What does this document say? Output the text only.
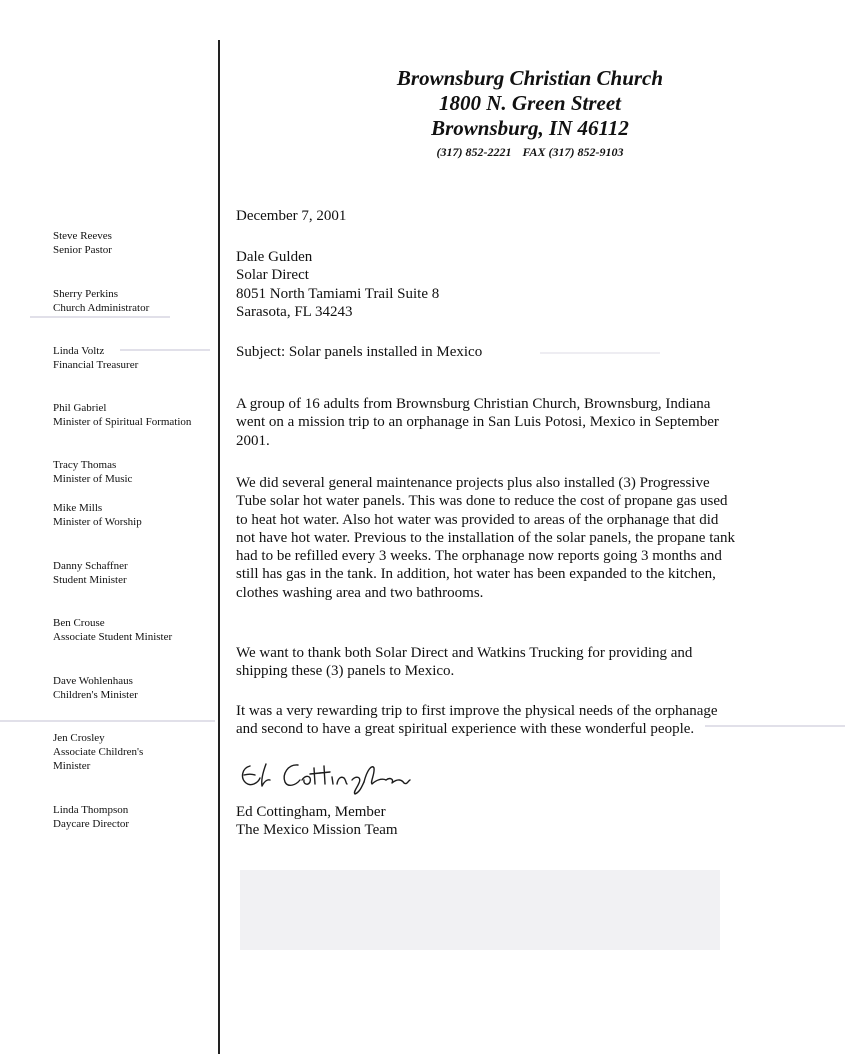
Brownsburg Christian Church
1800 N. Green Street
Brownsburg, IN 46112
(317) 852-2221 FAX (317) 852-9103
Steve Reeves
Senior Pastor
Sherry Perkins
Church Administrator
Linda Voltz
Financial Treasurer
Phil Gabriel
Minister of Spiritual Formation
Tracy Thomas
Minister of Music
Mike Mills
Minister of Worship
Danny Schaffner
Student Minister
Ben Crouse
Associate Student Minister
Dave Wohlenhaus
Children's Minister
Jen Crosley
Associate Children's
Minister
Linda Thompson
Daycare Director
December 7, 2001
Dale Gulden
Solar Direct
8051 North Tamiami Trail Suite 8
Sarasota, FL 34243
Subject: Solar panels installed in Mexico

A group of 16 adults from Brownsburg Christian Church, Brownsburg, Indiana went on a mission trip to an orphanage in San Luis Potosi, Mexico in September 2001.

We did several general maintenance projects plus also installed (3) Progressive Tube solar hot water panels. This was done to reduce the cost of propane gas used to heat hot water. Also hot water was provided to areas of the orphanage that did not have hot water. Previous to the installation of the solar panels, the propane tank had to be refilled every 3 weeks. The orphanage now reports going 3 months and still has gas in the tank. In addition, hot water has been expanded to the kitchen, clothes washing area and two bathrooms.

We want to thank both Solar Direct and Watkins Trucking for providing and shipping these (3) panels to Mexico.

It was a very rewarding trip to first improve the physical needs of the orphanage and second to have a great spiritual experience with these wonderful people.

Ed Cottingham, Member
The Mexico Mission Team
